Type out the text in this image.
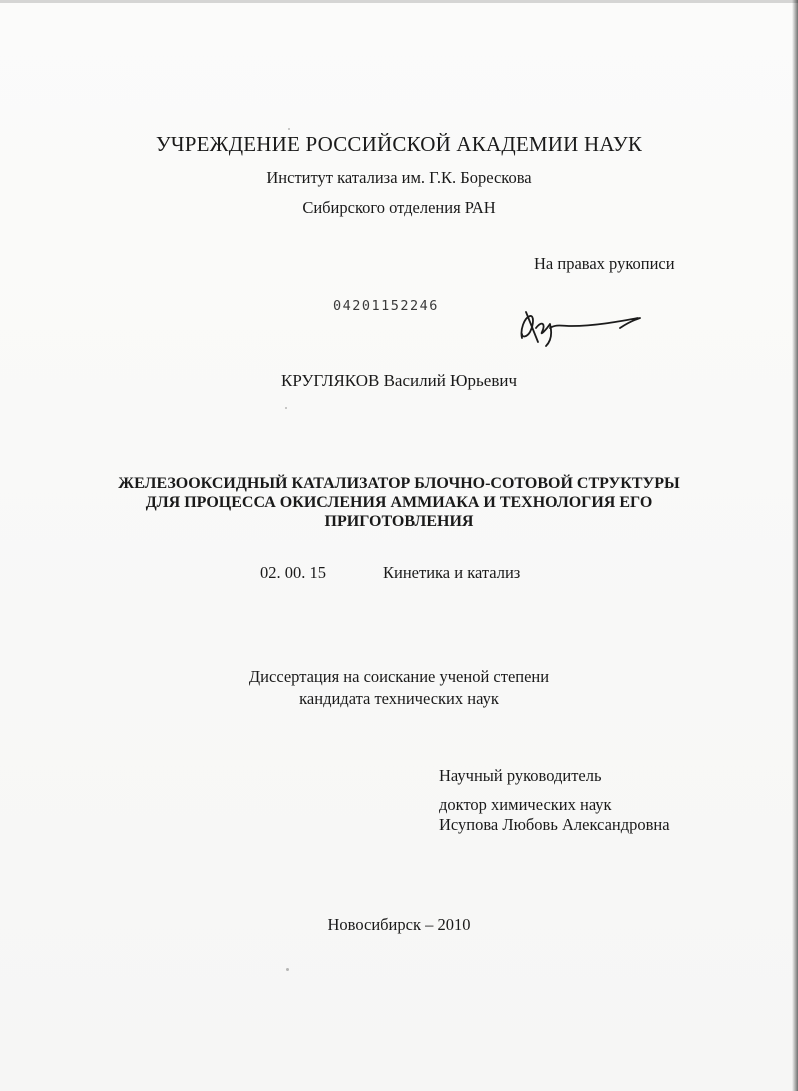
УЧРЕЖДЕНИЕ РОССИЙСКОЙ АКАДЕМИИ НАУК
Институт катализа им. Г.К. Борескова
Сибирского отделения РАН
На правах рукописи
04201152246
КРУГЛЯКОВ Василий Юрьевич
ЖЕЛЕЗООКСИДНЫЙ КАТАЛИЗАТОР БЛОЧНО-СОТОВОЙ СТРУКТУРЫ
ДЛЯ ПРОЦЕССА ОКИСЛЕНИЯ АММИАКА И ТЕХНОЛОГИЯ ЕГО
ПРИГОТОВЛЕНИЯ
02. 00. 15	Кинетика и катализ
Диссертация на соискание ученой степени
кандидата технических наук
Научный руководитель
доктор химических наук
Исупова Любовь Александровна
Новосибирск – 2010
